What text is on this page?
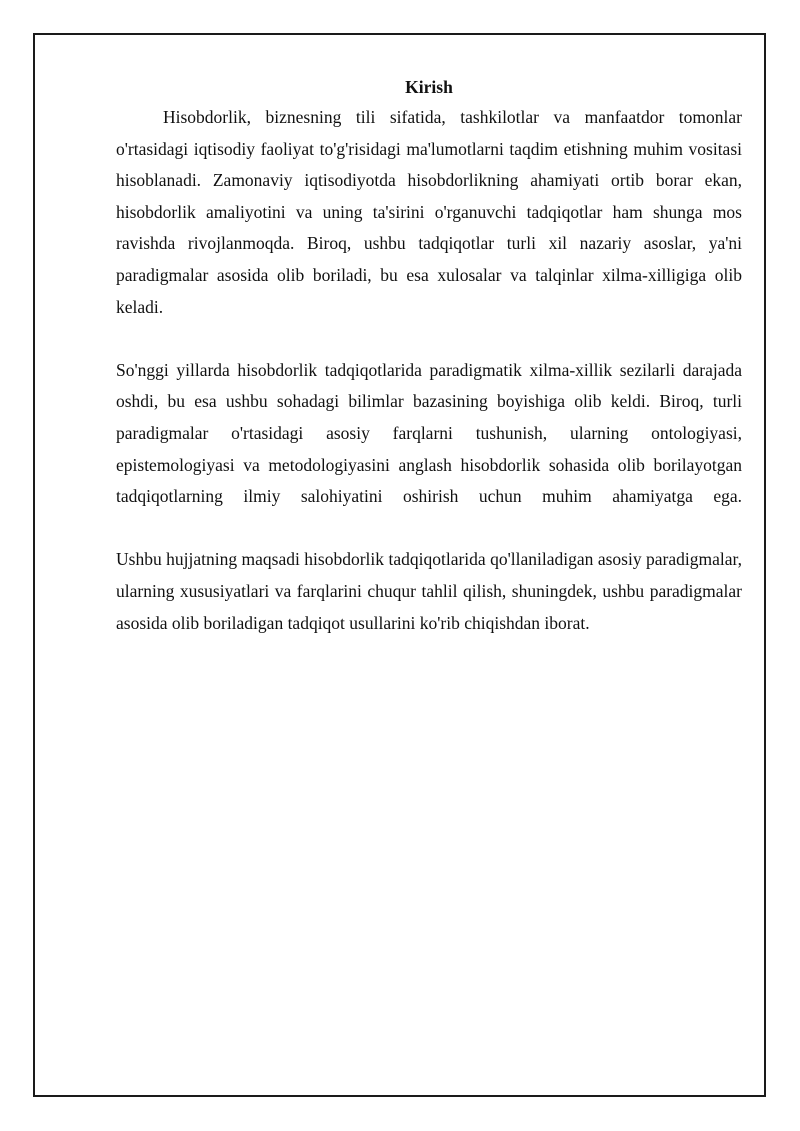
Kirish

Hisobdorlik, biznesning tili sifatida, tashkilotlar va manfaatdor tomonlar o'rtasidagi iqtisodiy faoliyat to'g'risidagi ma'lumotlarni taqdim etishning muhim vositasi hisoblanadi. Zamonaviy iqtisodiyotda hisobdorlikning ahamiyati ortib borar ekan, hisobdorlik amaliyotini va uning ta'sirini o'rganuvchi tadqiqotlar ham shunga mos ravishda rivojlanmoqda. Biroq, ushbu tadqiqotlar turli xil nazariy asoslar, ya'ni paradigmalar asosida olib boriladi, bu esa xulosalar va talqinlar xilma-xilligiga olib keladi.

So'nggi yillarda hisobdorlik tadqiqotlarida paradigmatik xilma-xillik sezilarli darajada oshdi, bu esa ushbu sohadagi bilimlar bazasining boyishiga olib keldi. Biroq, turli paradigmalar o'rtasidagi asosiy farqlarni tushunish, ularning ontologiyasi, epistemologiyasi va metodologiyasini anglash hisobdorlik sohasida olib borilayotgan tadqiqotlarning ilmiy salohiyatini oshirish uchun muhim ahamiyatga ega.

Ushbu hujjatning maqsadi hisobdorlik tadqiqotlarida qo'llaniladigan asosiy paradigmalar, ularning xususiyatlari va farqlarini chuqur tahlil qilish, shuningdek, ushbu paradigmalar asosida olib boriladigan tadqiqot usullarini ko'rib chiqishdan iborat.
